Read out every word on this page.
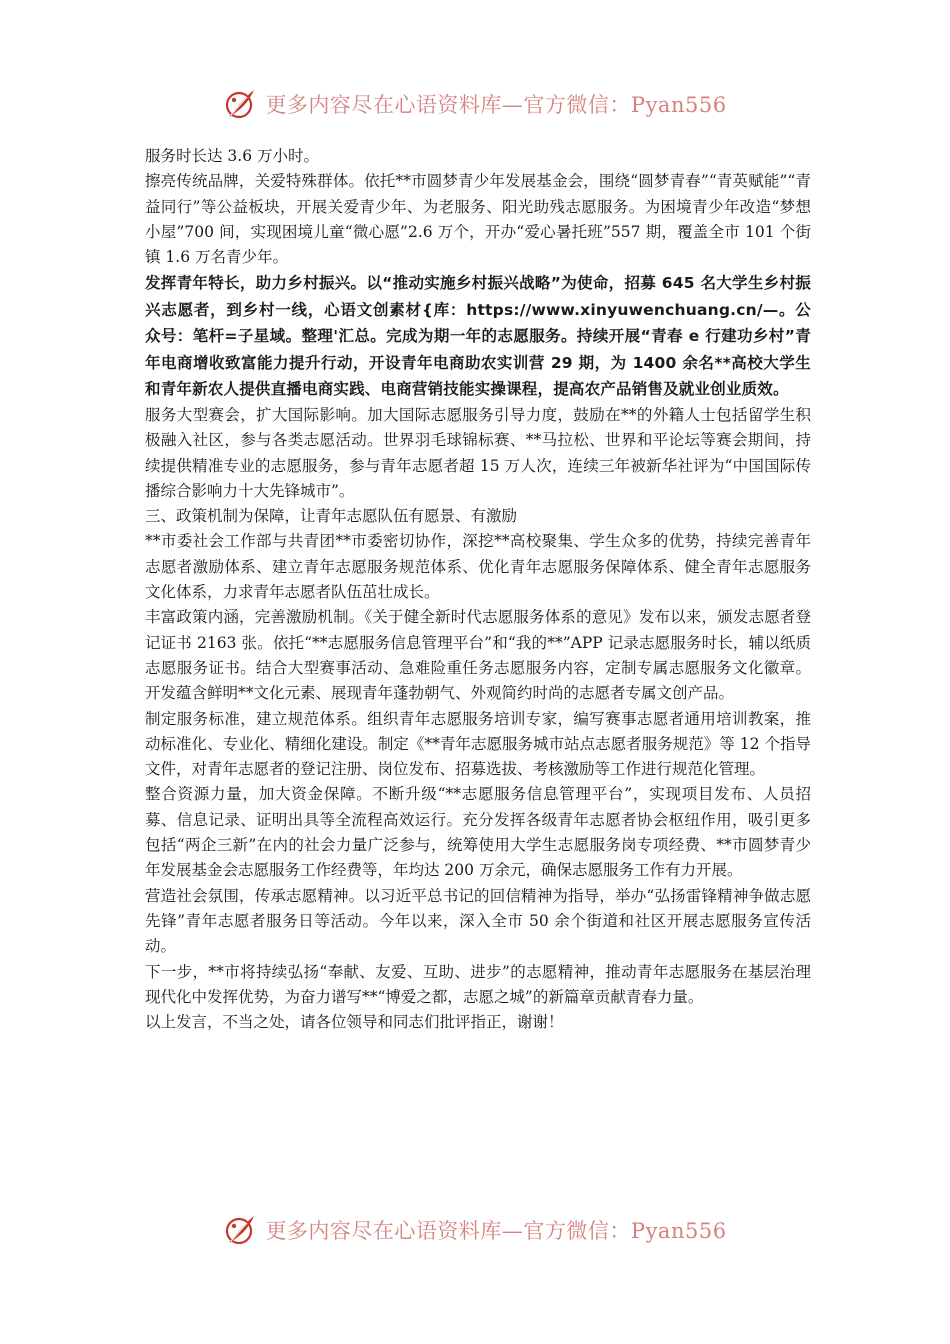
更多内容尽在心语资料库—官方微信：Pyan556

服务时长达 3.6 万小时。

擦亮传统品牌，关爱特殊群体。依托**市圆梦青少年发展基金会，围绕“圆梦青春”“青英赋能”“青益同行”等公益板块，开展关爱青少年、为老服务、阳光助残志愿服务。为困境青少年改造“梦想小屋”700 间，实现困境儿童“微心愿”2.6 万个，开办“爱心暑托班”557 期，覆盖全市 101 个街镇 1.6 万名青少年。

发挥青年特长，助力乡村振兴。以“推动实施乡村振兴战略”为使命，招募 645 名大学生乡村振兴志愿者，到乡村一线，心语文创素材{库：https://www.xinyuwenchuang.cn/—。公众号：笔杆=子星域。整理'汇总。完成为期一年的志愿服务。持续开展“青春 e 行建功乡村”青年电商增收致富能力提升行动，开设青年电商助农实训营 29 期，为 1400 余名**高校大学生和青年新农人提供直播电商实践、电商营销技能实操课程，提高农产品销售及就业创业质效。

服务大型赛会，扩大国际影响。加大国际志愿服务引导力度，鼓励在**的外籍人士包括留学生积极融入社区，参与各类志愿活动。世界羽毛球锦标赛、**马拉松、世界和平论坛等赛会期间，持续提供精准专业的志愿服务，参与青年志愿者超 15 万人次，连续三年被新华社评为“中国国际传播综合影响力十大先锋城市”。

三、政策机制为保障，让青年志愿队伍有愿景、有激励

**市委社会工作部与共青团**市委密切协作，深挖**高校聚集、学生众多的优势，持续完善青年志愿者激励体系、建立青年志愿服务规范体系、优化青年志愿服务保障体系、健全青年志愿服务文化体系，力求青年志愿者队伍茁壮成长。

丰富政策内涵，完善激励机制。《关于健全新时代志愿服务体系的意见》发布以来，颁发志愿者登记证书 2163 张。依托“**志愿服务信息管理平台”和“我的**”APP 记录志愿服务时长，辅以纸质志愿服务证书。结合大型赛事活动、急难险重任务志愿服务内容，定制专属志愿服务文化徽章。开发蕴含鲜明**文化元素、展现青年蓬勃朝气、外观简约时尚的志愿者专属文创产品。

制定服务标准，建立规范体系。组织青年志愿服务培训专家，编写赛事志愿者通用培训教案，推动标准化、专业化、精细化建设。制定《**青年志愿服务城市站点志愿者服务规范》等 12 个指导文件，对青年志愿者的登记注册、岗位发布、招募选拔、考核激励等工作进行规范化管理。

整合资源力量，加大资金保障。不断升级“**志愿服务信息管理平台”，实现项目发布、人员招募、信息记录、证明出具等全流程高效运行。充分发挥各级青年志愿者协会枢纽作用，吸引更多包括“两企三新”在内的社会力量广泛参与，统筹使用大学生志愿服务岗专项经费、**市圆梦青少年发展基金会志愿服务工作经费等，年均达 200 万余元，确保志愿服务工作有力开展。

营造社会氛围，传承志愿精神。以习近平总书记的回信精神为指导，举办“弘扬雷锋精神争做志愿先锋”青年志愿者服务日等活动。今年以来，深入全市 50 余个街道和社区开展志愿服务宣传活动。

下一步，**市将持续弘扬“奉献、友爱、互助、进步”的志愿精神，推动青年志愿服务在基层治理现代化中发挥优势，为奋力谱写**“博爱之都，志愿之城”的新篇章贡献青春力量。

以上发言，不当之处，请各位领导和同志们批评指正，谢谢！

更多内容尽在心语资料库—官方微信：Pyan556
